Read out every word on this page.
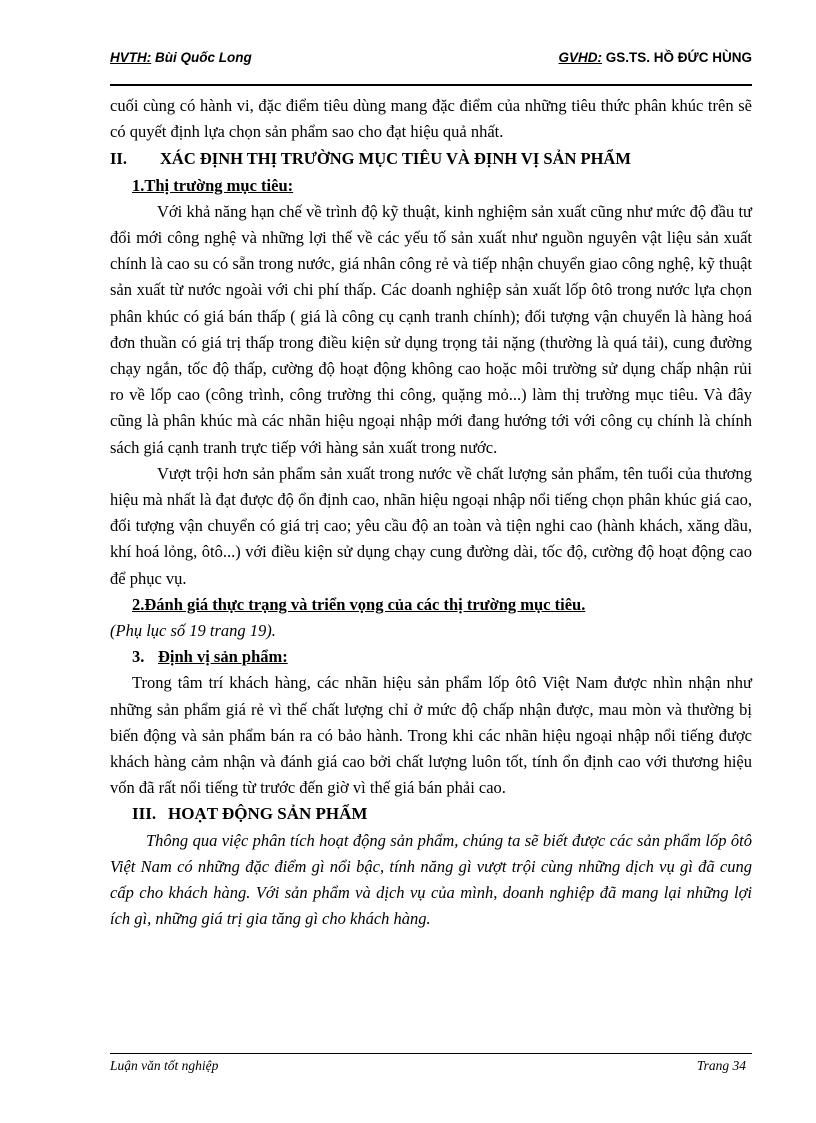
HVTH: Bùi Quốc Long	GVHD: GS.TS. HỒ ĐỨC HÙNG

cuối cùng có hành vi, đặc điểm tiêu dùng mang đặc điểm của những tiêu thức phân khúc trên sẽ có quyết định lựa chọn sản phẩm sao cho đạt hiệu quả nhất.

II. XÁC ĐỊNH THỊ TRƯỜNG MỤC TIÊU VÀ ĐỊNH VỊ SẢN PHẨM
1.Thị trường mục tiêu:

Với khả năng hạn chế về trình độ kỹ thuật, kinh nghiệm sản xuất cũng như mức độ đầu tư đổi mới công nghệ và những lợi thế về các yếu tố sản xuất như nguồn nguyên vật liệu sản xuất chính là cao su có sẵn trong nước, giá nhân công rẻ và tiếp nhận chuyển giao công nghệ, kỹ thuật sản xuất từ nước ngoài với chi phí thấp. Các doanh nghiệp sản xuất lốp ôtô trong nước lựa chọn phân khúc có giá bán thấp ( giá là công cụ cạnh tranh chính); đối tượng vận chuyển là hàng hoá đơn thuần có giá trị thấp trong điều kiện sử dụng trọng tải nặng (thường là quá tải), cung đường chạy ngắn, tốc độ thấp, cường độ hoạt động không cao hoặc môi trường sử dụng chấp nhận rủi ro về lốp cao (công trình, công trường thi công, quặng mỏ...) làm thị trường mục tiêu. Và đây cũng là phân khúc mà các nhãn hiệu ngoại nhập mới đang hướng tới với công cụ chính là chính sách giá cạnh tranh trực tiếp với hàng sản xuất trong nước.

Vượt trội hơn sản phẩm sản xuất trong nước về chất lượng sản phẩm, tên tuổi của thương hiệu mà nhất là đạt được độ ổn định cao, nhãn hiệu ngoại nhập nổi tiếng chọn phân khúc giá cao, đối tượng vận chuyển có giá trị cao; yêu cầu độ an toàn và tiện nghi cao (hành khách, xăng dầu, khí hoá lỏng, ôtô...) với điều kiện sử dụng chạy cung đường dài, tốc độ, cường độ hoạt động cao để phục vụ.

2.Đánh giá thực trạng và triển vọng của các thị trường mục tiêu.
(Phụ lục số 19 trang 19).
3. Định vị sản phẩm:

Trong tâm trí khách hàng, các nhãn hiệu sản phẩm lốp ôtô Việt Nam được nhìn nhận như những sản phẩm giá rẻ vì thế chất lượng chỉ ở mức độ chấp nhận được, mau mòn và thường bị biến động và sản phẩm bán ra có bảo hành. Trong khi các nhãn hiệu ngoại nhập nổi tiếng được khách hàng cảm nhận và đánh giá cao bởi chất lượng luôn tốt, tính ổn định cao với thương hiệu vốn đã rất nổi tiếng từ trước đến giờ vì thế giá bán phải cao.

III. HOẠT ĐỘNG SẢN PHẨM

Thông qua việc phân tích hoạt động sản phẩm, chúng ta sẽ biết được các sản phẩm lốp ôtô Việt Nam có những đặc điểm gì nổi bậc, tính năng gì vượt trội cùng những dịch vụ gì đã cung cấp cho khách hàng. Với sản phẩm và dịch vụ của mình, doanh nghiệp đã mang lại những lợi ích gì, những giá trị gia tăng gì cho khách hàng.

Luận văn tốt nghiệp	Trang 34
